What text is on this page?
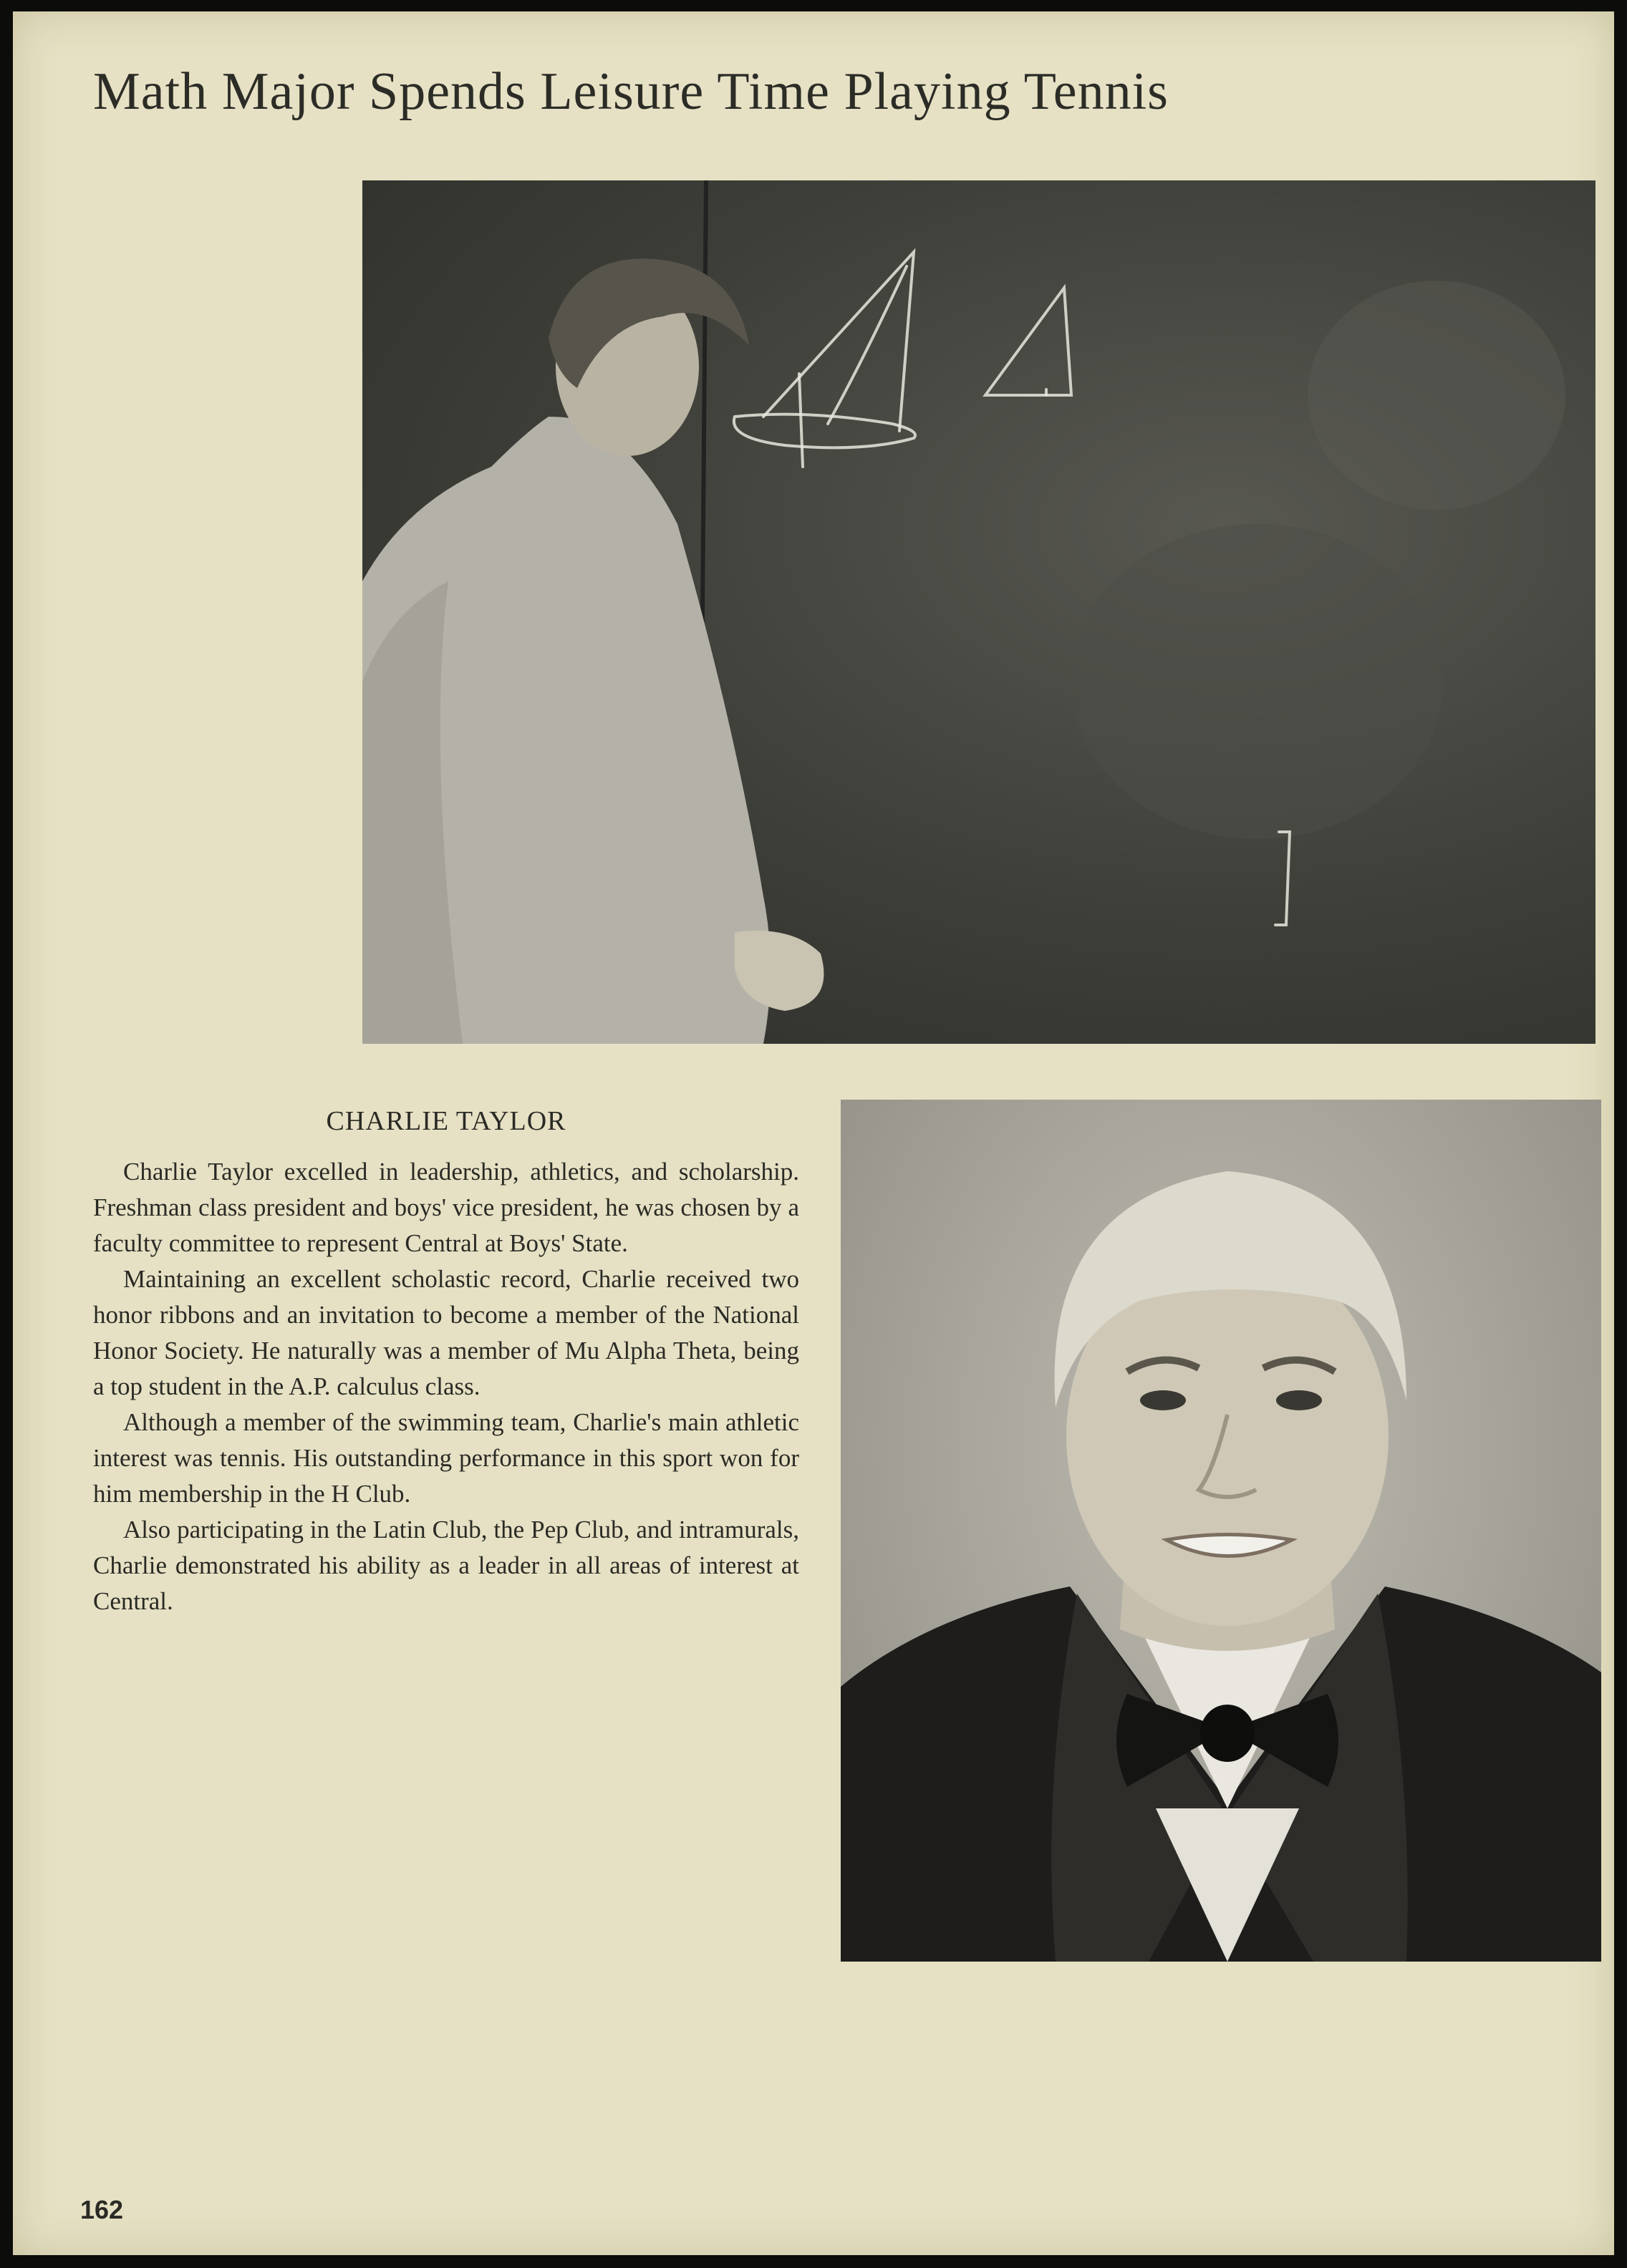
Math Major Spends Leisure Time Playing Tennis
CHARLIE TAYLOR

Charlie Taylor excelled in leadership, athletics, and scholarship. Freshman class president and boys' vice president, he was chosen by a faculty committee to represent Central at Boys' State.

Maintaining an excellent scholastic record, Charlie received two honor ribbons and an invitation to become a member of the National Honor Society. He naturally was a member of Mu Alpha Theta, being a top student in the A.P. calculus class.

Although a member of the swimming team, Charlie's main athletic interest was tennis. His outstanding performance in this sport won for him membership in the H Club.

Also participating in the Latin Club, the Pep Club, and intramurals, Charlie demonstrated his ability as a leader in all areas of interest at Central.

162
